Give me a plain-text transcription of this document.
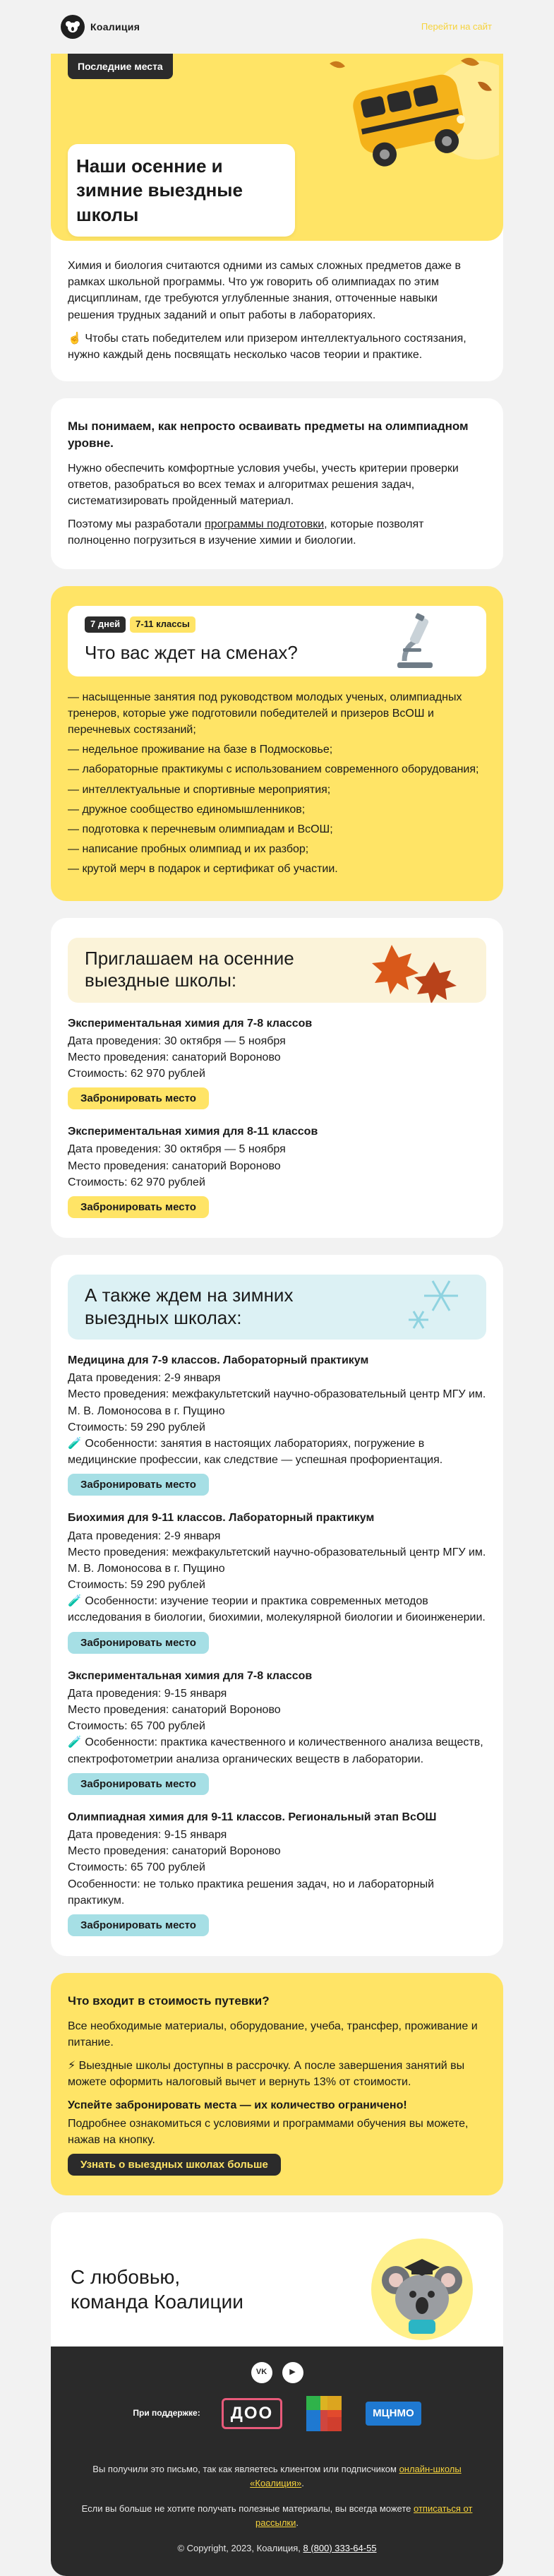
Коалиция	Перейти на сайт
Последние места
Наши осенние и зимние выездные школы

Химия и биология считаются одними из самых сложных предметов даже в рамках школьной программы. Что уж говорить об олимпиадах по этим дисциплинам, где требуются углубленные знания, отточенные навыки решения трудных заданий и опыт работы в лабораториях.

☝️ Чтобы стать победителем или призером интеллектуального состязания, нужно каждый день посвящать несколько часов теории и практике.

Мы понимаем, как непросто осваивать предметы на олимпиадном уровне.

Нужно обеспечить комфортные условия учебы, учесть критерии проверки ответов, разобраться во всех темах и алгоритмах решения задач, систематизировать пройденный материал.

Поэтому мы разработали программы подготовки, которые позволят полноценно погрузиться в изучение химии и биологии.

7 дней 7-11 классы
Что вас ждет на сменах?
— насыщенные занятия под руководством молодых ученых, олимпиадных тренеров, которые уже подготовили победителей и призеров ВсОШ и перечневых состязаний;
— недельное проживание на базе в Подмосковье;
— лабораторные практикумы с использованием современного оборудования;
— интеллектуальные и спортивные мероприятия;
— дружное сообщество единомышленников;
— подготовка к перечневым олимпиадам и ВсОШ;
— написание пробных олимпиад и их разбор;
— крутой мерч в подарок и сертификат об участии.
Приглашаем на осенние выездные школы:
Экспериментальная химия для 7-8 классов
Дата проведения: 30 октября — 5 ноября
Место проведения: санаторий Вороново
Стоимость: 62 970 рублей
Забронировать место
Экспериментальная химия для 8-11 классов
Дата проведения: 30 октября — 5 ноября
Место проведения: санаторий Вороново
Стоимость: 62 970 рублей
Забронировать место
А также ждем на зимних выездных школах:
Медицина для 7-9 классов. Лабораторный практикум
Дата проведения: 2-9 января
Место проведения: межфакультетский научно-образовательный центр МГУ им. М. В. Ломоносова в г. Пущино
Стоимость: 59 290 рублей
🧪 Особенности: занятия в настоящих лабораториях, погружение в медицинские профессии, как следствие — успешная профориентация.
Забронировать место
Биохимия для 9-11 классов. Лабораторный практикум
Дата проведения: 2-9 января
Место проведения: межфакультетский научно-образовательный центр МГУ им. М. В. Ломоносова в г. Пущино
Стоимость: 59 290 рублей
🧪 Особенности: изучение теории и практика современных методов исследования в биологии, биохимии, молекулярной биологии и биоинженерии.
Забронировать место
Экспериментальная химия для 7-8 классов
Дата проведения: 9-15 января
Место проведения: санаторий Вороново
Стоимость: 65 700 рублей
🧪 Особенности: практика качественного и количественного анализа веществ, спектрофотометрии анализа органических веществ в лаборатории.
Забронировать место
Олимпиадная химия для 9-11 классов. Региональный этап ВсОШ
Дата проведения: 9-15 января
Место проведения: санаторий Вороново
Стоимость: 65 700 рублей
Особенности: не только практика решения задач, но и лабораторный практикум.
Забронировать место
Что входит в стоимость путевки?

Все необходимые материалы, оборудование, учеба, трансфер, проживание и питание.

⚡ Выездные школы доступны в рассрочку. А после завершения занятий вы можете оформить налоговый вычет и вернуть 13% от стоимости.

Успейте забронировать места — их количество ограничено!
Подробнее ознакомиться с условиями и программами обучения вы можете, нажав на кнопку.
Узнать о выездных школах больше
С любовью,
команда Коалиции
VK	▶
При поддержке:	ДОО	МЦНМО

Вы получили это письмо, так как являетесь клиентом или подписчиком онлайн-школы «Коалиция».

Если вы больше не хотите получать полезные материалы, вы всегда можете отписаться от рассылки.

© Copyright, 2023, Коалиция, 8 (800) 333-64-55
